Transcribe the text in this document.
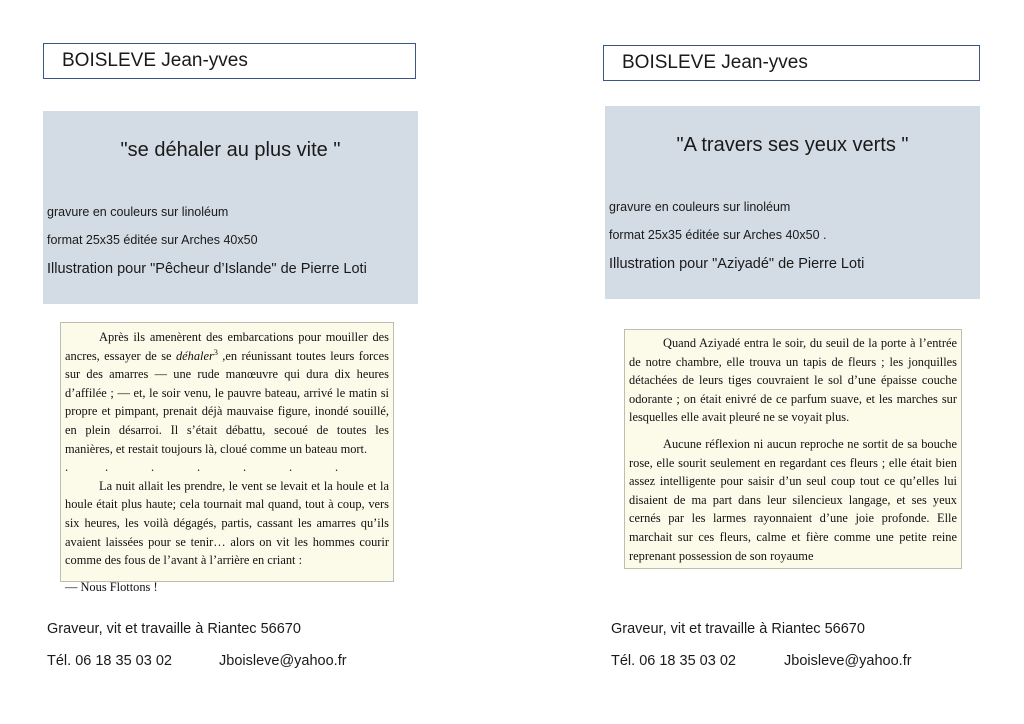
BOISLEVE Jean-yves
"se déhaler au plus vite "
gravure en couleurs sur linoléum
format 25x35 éditée sur Arches 40x50
Illustration pour "Pêcheur d’Islande" de Pierre Loti

Après ils amenèrent des embarcations pour mouiller des ancres, essayer de se déhaler$^3$ ,en réunissant toutes leurs forces sur des amarres — une rude manœuvre qui dura dix heures d’affilée ; — et, le soir venu, le pauvre bateau, arrivé le matin si propre et pimpant, prenait déjà mauvaise figure, inondé souillé, en plein désarroi. Il s’était débattu, secoué de toutes les manières, et restait toujours là, cloué comme un bateau mort.

.	.	.	.	.	.	.

La nuit allait les prendre, le vent se levait et la houle et la houle était plus haute; cela tournait mal quand, tout à coup, vers six heures, les voilà dégagés, partis, cassant les amarres qu’ils avaient laissées pour se tenir… alors on vit les hommes courir comme des fous de l’avant à l’arrière en criant :

— Nous Flottons !

Graveur, vit et travaille à Riantec 56670
Tél. 06 18 35 03 02	Jboisleve@yahoo.fr
BOISLEVE Jean-yves
"A travers ses yeux verts "
gravure en couleurs sur linoléum
format 25x35 éditée sur Arches 40x50 .
Illustration pour "Aziyadé" de Pierre Loti

Quand Aziyadé entra le soir, du seuil de la porte à l’entrée de notre chambre, elle trouva un tapis de fleurs ; les jonquilles détachées de leurs tiges couvraient le sol d’une épaisse couche odorante ; on était enivré de ce parfum suave, et les marches sur lesquelles elle avait pleuré ne se voyait plus.

Aucune réflexion ni aucun reproche ne sortit de sa bouche rose, elle sourit seulement en regardant ces fleurs ; elle était bien assez intelligente pour saisir d’un seul coup tout ce qu’elles lui disaient de ma part dans leur silencieux langage, et ses yeux cernés par les larmes rayonnaient d’une joie profonde. Elle marchait sur ces fleurs, calme et fière comme une petite reine reprenant possession de son royaume

Graveur, vit et travaille à Riantec 56670
Tél. 06 18 35 03 02	Jboisleve@yahoo.fr
